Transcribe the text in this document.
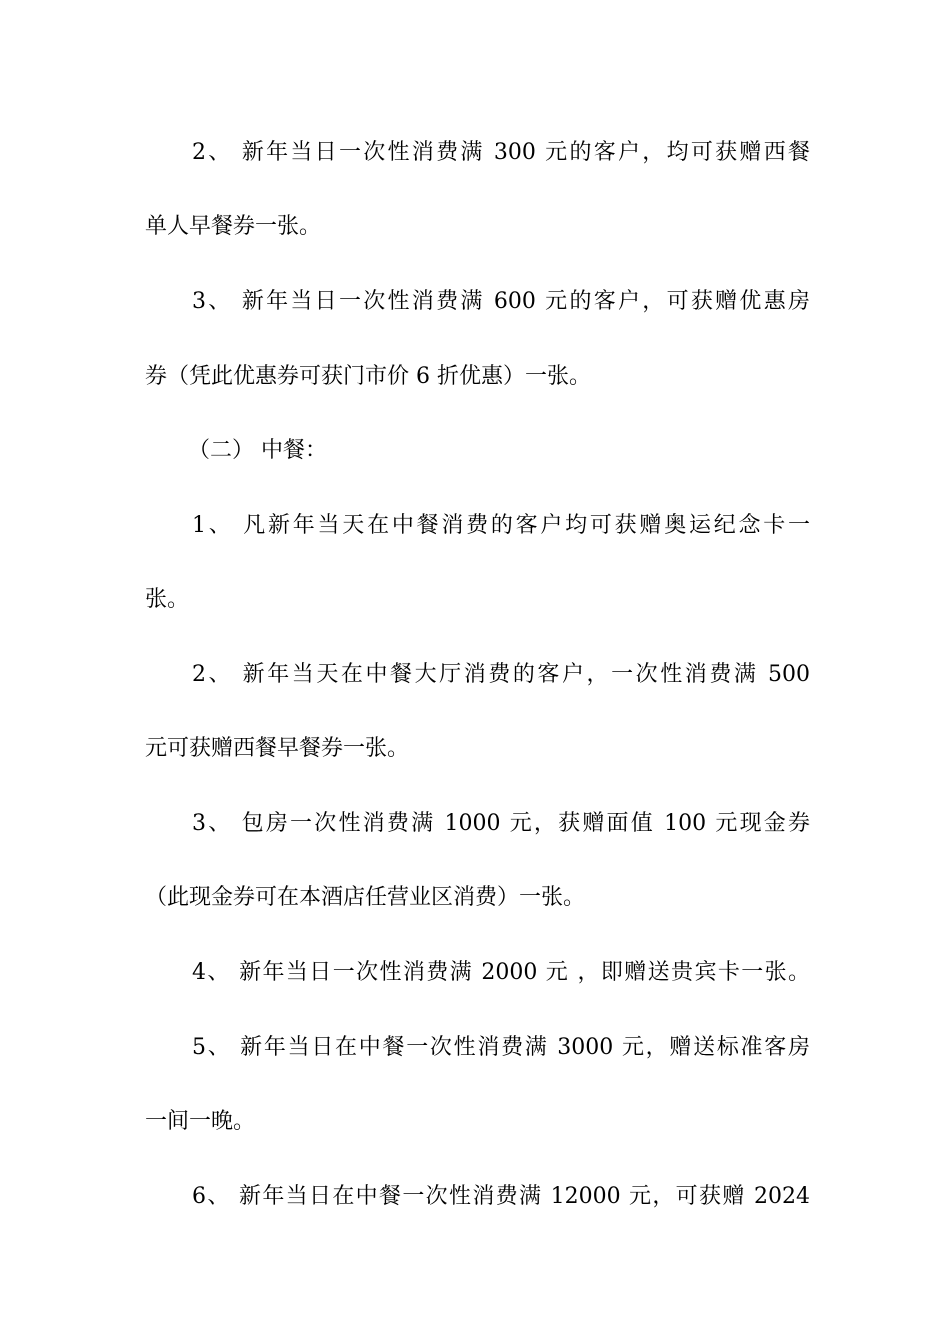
2、 新年当日一次性消费满 300 元的客户，均可获赠西餐
单人早餐券一张。
3、 新年当日一次性消费满 600 元的客户，可获赠优惠房
券（凭此优惠券可获门市价 6 折优惠）一张。
（二） 中餐：
1、 凡新年当天在中餐消费的客户均可获赠奥运纪念卡一
张。
2、 新年当天在中餐大厅消费的客户，一次性消费满 500
元可获赠西餐早餐券一张。
3、 包房一次性消费满 1000 元，获赠面值 100 元现金券
（此现金券可在本酒店任营业区消费）一张。
4、 新年当日一次性消费满 2000 元 ，即赠送贵宾卡一张。
5、 新年当日在中餐一次性消费满 3000 元，赠送标准客房
一间一晚。
6、 新年当日在中餐一次性消费满 12000 元，可获赠 2024
